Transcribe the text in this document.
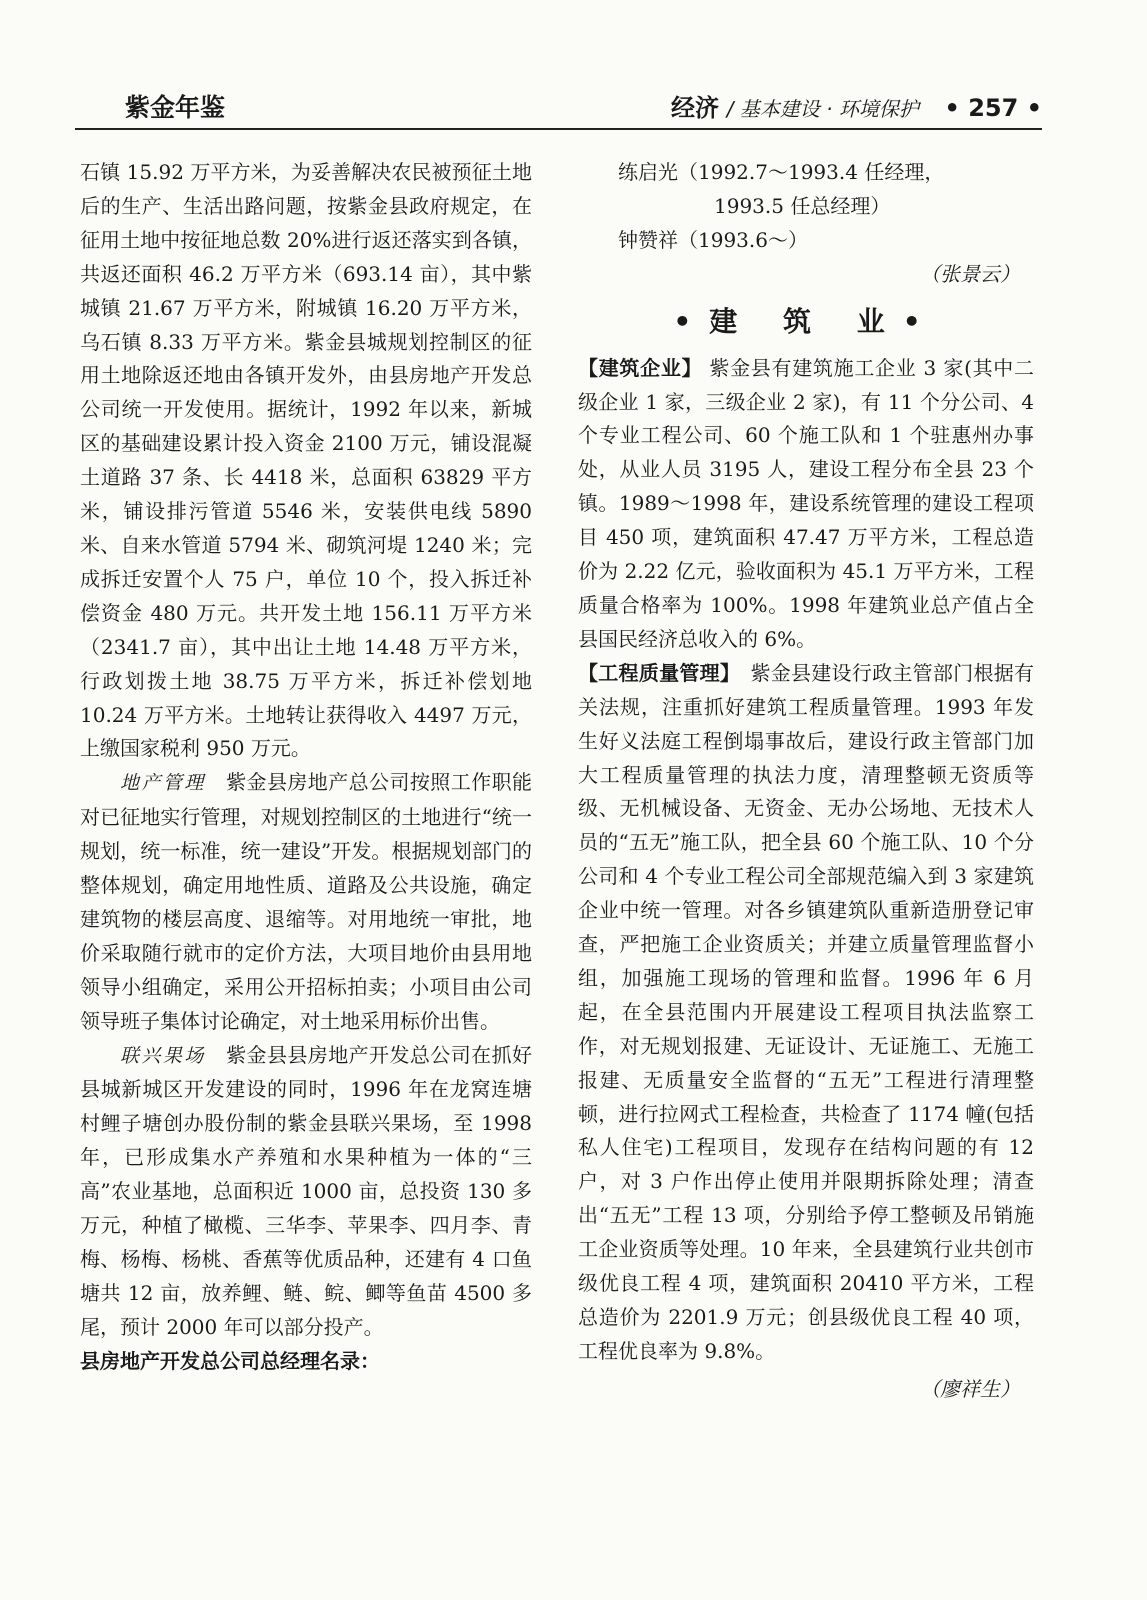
紫金年鉴	经济 / 基本建设 · 环境保护 • 257 •

石镇 15.92 万平方米，为妥善解决农民被预征土地后的生产、生活出路问题，按紫金县政府规定，在征用土地中按征地总数 20%进行返还落实到各镇，共返还面积 46.2 万平方米（693.14 亩），其中紫城镇 21.67 万平方米，附城镇 16.20 万平方米，乌石镇 8.33 万平方米。紫金县城规划控制区的征用土地除返还地由各镇开发外，由县房地产开发总公司统一开发使用。据统计，1992 年以来，新城区的基础建设累计投入资金 2100 万元，铺设混凝土道路 37 条、长 4418 米，总面积 63829 平方米，铺设排污管道 5546 米，安装供电线 5890 米、自来水管道 5794 米、砌筑河堤 1240 米；完成拆迁安置个人 75 户，单位 10 个，投入拆迁补偿资金 480 万元。共开发土地 156.11 万平方米（2341.7 亩），其中出让土地 14.48 万平方米，行政划拨土地 38.75 万平方米，拆迁补偿划地 10.24 万平方米。土地转让获得收入 4497 万元，上缴国家税利 950 万元。

地产管理　 紫金县房地产总公司按照工作职能对已征地实行管理，对规划控制区的土地进行“统一规划，统一标准，统一建设”开发。根据规划部门的整体规划，确定用地性质、道路及公共设施，确定建筑物的楼层高度、退缩等。对用地统一审批，地价采取随行就市的定价方法，大项目地价由县用地领导小组确定，采用公开招标拍卖；小项目由公司领导班子集体讨论确定，对土地采用标价出售。

联兴果场　 紫金县县房地产开发总公司在抓好县城新城区开发建设的同时，1996 年在龙窝连塘村鲤子塘创办股份制的紫金县联兴果场，至 1998 年，已形成集水产养殖和水果种植为一体的“三高”农业基地，总面积近 1000 亩，总投资 130 多万元，种植了橄榄、三华李、苹果李、四月李、青梅、杨梅、杨桃、香蕉等优质品种，还建有 4 口鱼塘共 12 亩，放养鲤、鲢、鲩、鲫等鱼苗 4500 多尾，预计 2000 年可以部分投产。

县房地产开发总公司总经理名录：

练启光（1992.7～1993.4 任经理，

1993.5 任总经理）

钟赞祥（1993.6～）

（张景云）

•建 筑 业•

【建筑企业】 紫金县有建筑施工企业 3 家(其中二级企业 1 家，三级企业 2 家)，有 11 个分公司、4 个专业工程公司、60 个施工队和 1 个驻惠州办事处，从业人员 3195 人，建设工程分布全县 23 个镇。1989～1998 年，建设系统管理的建设工程项目 450 项，建筑面积 47.47 万平方米，工程总造价为 2.22 亿元，验收面积为 45.1 万平方米，工程质量合格率为 100%。1998 年建筑业总产值占全县国民经济总收入的 6%。

【工程质量管理】　 紫金县建设行政主管部门根据有关法规，注重抓好建筑工程质量管理。1993 年发生好义法庭工程倒塌事故后，建设行政主管部门加大工程质量管理的执法力度，清理整顿无资质等级、无机械设备、无资金、无办公场地、无技术人员的“五无”施工队，把全县 60 个施工队、10 个分公司和 4 个专业工程公司全部规范编入到 3 家建筑企业中统一管理。对各乡镇建筑队重新造册登记审查，严把施工企业资质关；并建立质量管理监督小组，加强施工现场的管理和监督。1996 年 6 月起，在全县范围内开展建设工程项目执法监察工作，对无规划报建、无证设计、无证施工、无施工报建、无质量安全监督的“五无”工程进行清理整顿，进行拉网式工程检查，共检查了 1174 幢(包括私人住宅)工程项目，发现存在结构问题的有 12 户，对 3 户作出停止使用并限期拆除处理；清查出“五无”工程 13 项，分别给予停工整顿及吊销施工企业资质等处理。10 年来，全县建筑行业共创市级优良工程 4 项，建筑面积 20410 平方米，工程总造价为 2201.9 万元；创县级优良工程 40 项，工程优良率为 9.8%。

（廖祥生）
